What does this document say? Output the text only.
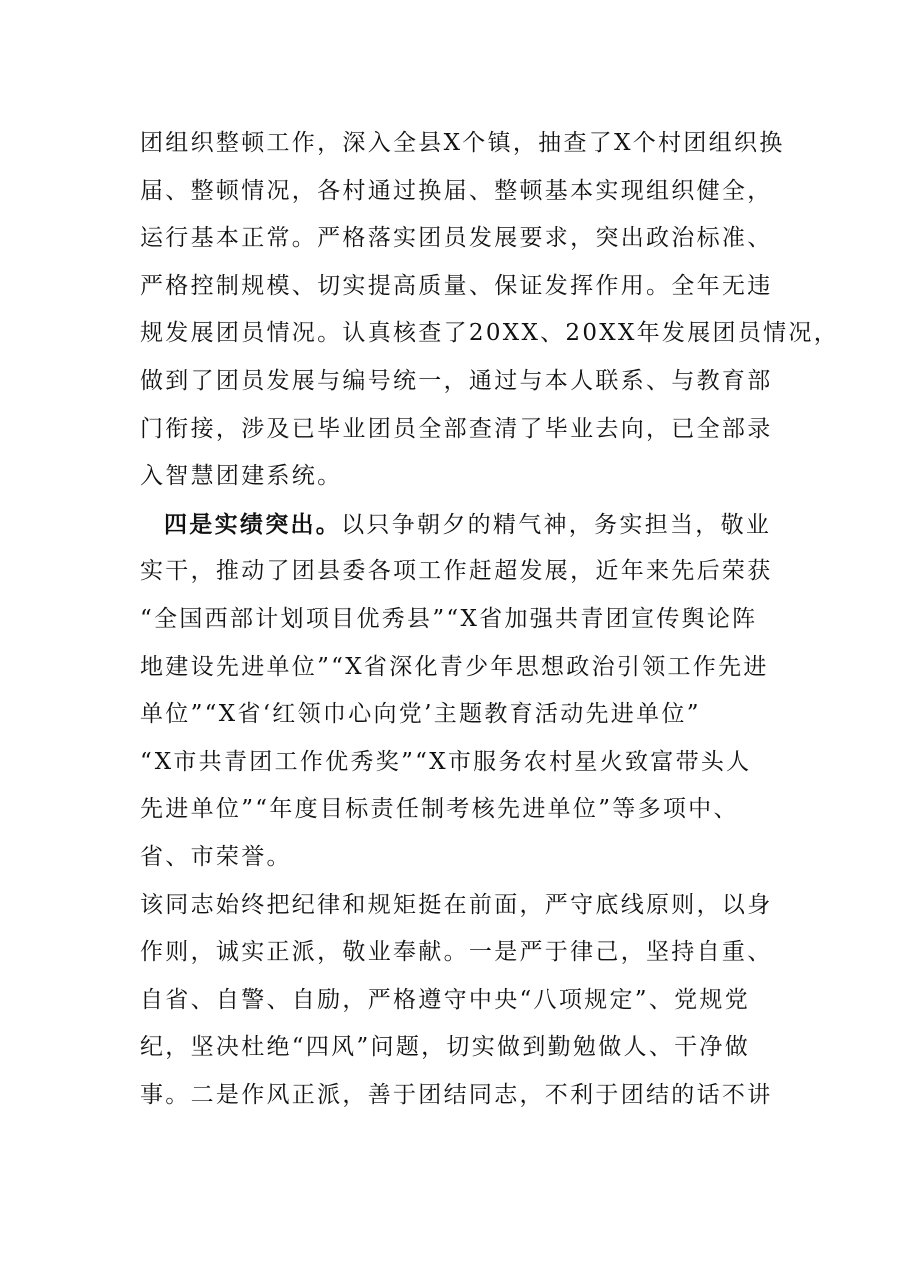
团组织整顿工作，深入全县X个镇，抽查了X个村团组织换
届、整顿情况，各村通过换届、整顿基本实现组织健全，
运行基本正常。严格落实团员发展要求，突出政治标准、
严格控制规模、切实提高质量、保证发挥作用。全年无违
规发展团员情况。认真核查了20XX、20XX年发展团员情况，
做到了团员发展与编号统一，通过与本人联系、与教育部
门衔接，涉及已毕业团员全部查清了毕业去向，已全部录
入智慧团建系统。
四是实绩突出。以只争朝夕的精气神，务实担当，敬业
实干，推动了团县委各项工作赶超发展，近年来先后荣获
“全国西部计划项目优秀县”“X省加强共青团宣传舆论阵
地建设先进单位”“X省深化青少年思想政治引领工作先进
单位”“X省‘红领巾心向党’主题教育活动先进单位”
“X市共青团工作优秀奖”“X市服务农村星火致富带头人
先进单位”“年度目标责任制考核先进单位”等多项中、
省、市荣誉。
该同志始终把纪律和规矩挺在前面，严守底线原则，以身
作则，诚实正派，敬业奉献。一是严于律己，坚持自重、
自省、自警、自励，严格遵守中央“八项规定”、党规党
纪，坚决杜绝“四风”问题，切实做到勤勉做人、干净做
事。二是作风正派，善于团结同志，不利于团结的话不讲
